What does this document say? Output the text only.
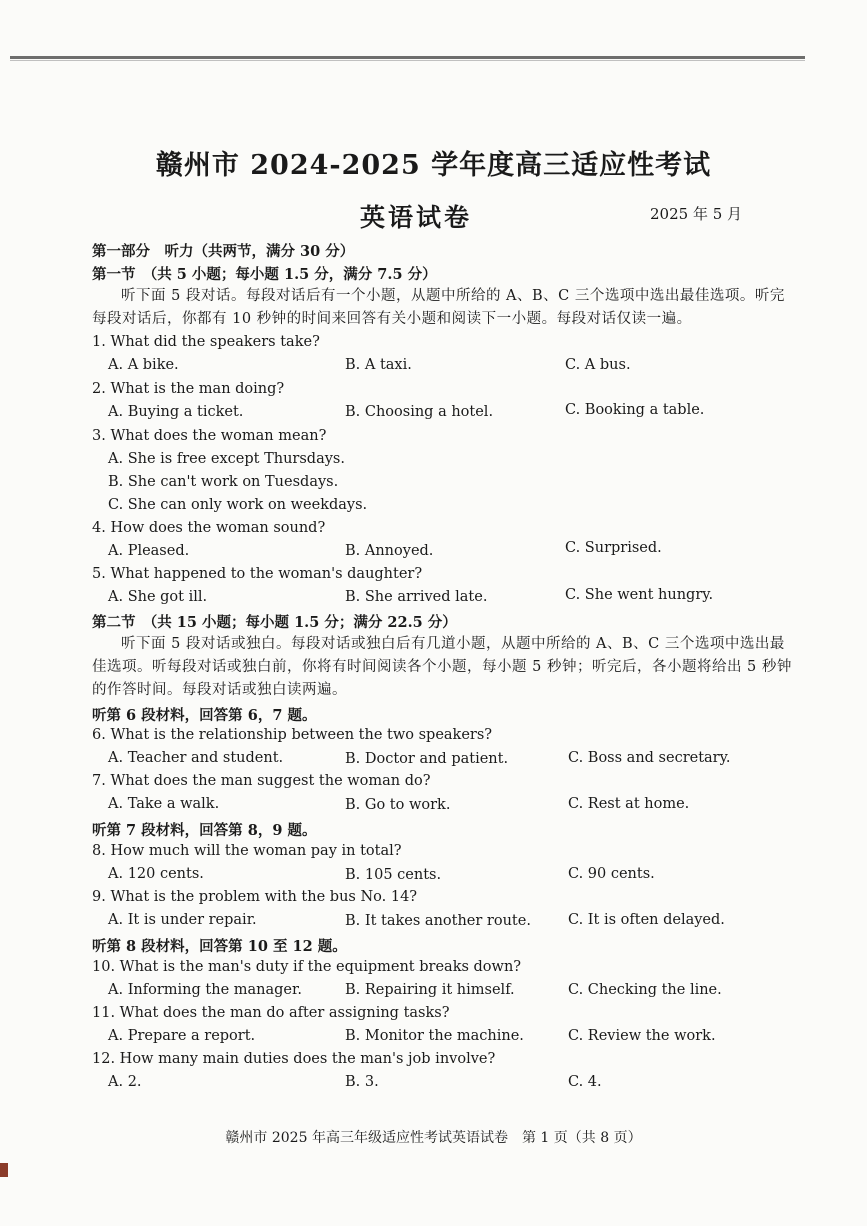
赣州市 2024-2025 学年度高三适应性考试
英语试卷	2025 年 5 月
第一部分　听力（共两节，满分 30 分）
第一节　（共 5 小题；每小题 1.5 分，满分 7.5 分）
听下面 5 段对话。每段对话后有一个小题，从题中所给的 A、B、C 三个选项中选出最佳选项。听完每段对话后，你都有 10 秒钟的时间来回答有关小题和阅读下一小题。每段对话仅读一遍。
1. What did the speakers take?
A. A bike.	B. A taxi.	C. A bus.
2. What is the man doing?
A. Buying a ticket.	B. Choosing a hotel.	C. Booking a table.
3. What does the woman mean?
A. She is free except Thursdays.
B. She can't work on Tuesdays.
C. She can only work on weekdays.
4. How does the woman sound?
A. Pleased.	B. Annoyed.	C. Surprised.
5. What happened to the woman's daughter?
A. She got ill.	B. She arrived late.	C. She went hungry.
第二节　（共 15 小题；每小题 1.5 分；满分 22.5 分）
听下面 5 段对话或独白。每段对话或独白后有几道小题，从题中所给的 A、B、C 三个选项中选出最佳选项。听每段对话或独白前，你将有时间阅读各个小题，每小题 5 秒钟；听完后，各小题将给出 5 秒钟的作答时间。每段对话或独白读两遍。
听第 6 段材料，回答第 6，7 题。
6. What is the relationship between the two speakers?
A. Teacher and student.	B. Doctor and patient.	C. Boss and secretary.
7. What does the man suggest the woman do?
A. Take a walk.	B. Go to work.	C. Rest at home.
听第 7 段材料，回答第 8，9 题。
8. How much will the woman pay in total?
A. 120 cents.	B. 105 cents.	C. 90 cents.
9. What is the problem with the bus No. 14?
A. It is under repair.	B. It takes another route.	C. It is often delayed.
听第 8 段材料，回答第 10 至 12 题。
10. What is the man's duty if the equipment breaks down?
A. Informing the manager.	B. Repairing it himself.	C. Checking the line.
11. What does the man do after assigning tasks?
A. Prepare a report.	B. Monitor the machine.	C. Review the work.
12. How many main duties does the man's job involve?
A. 2.	B. 3.	C. 4.
赣州市 2025 年高三年级适应性考试英语试卷　第 1 页（共 8 页）
